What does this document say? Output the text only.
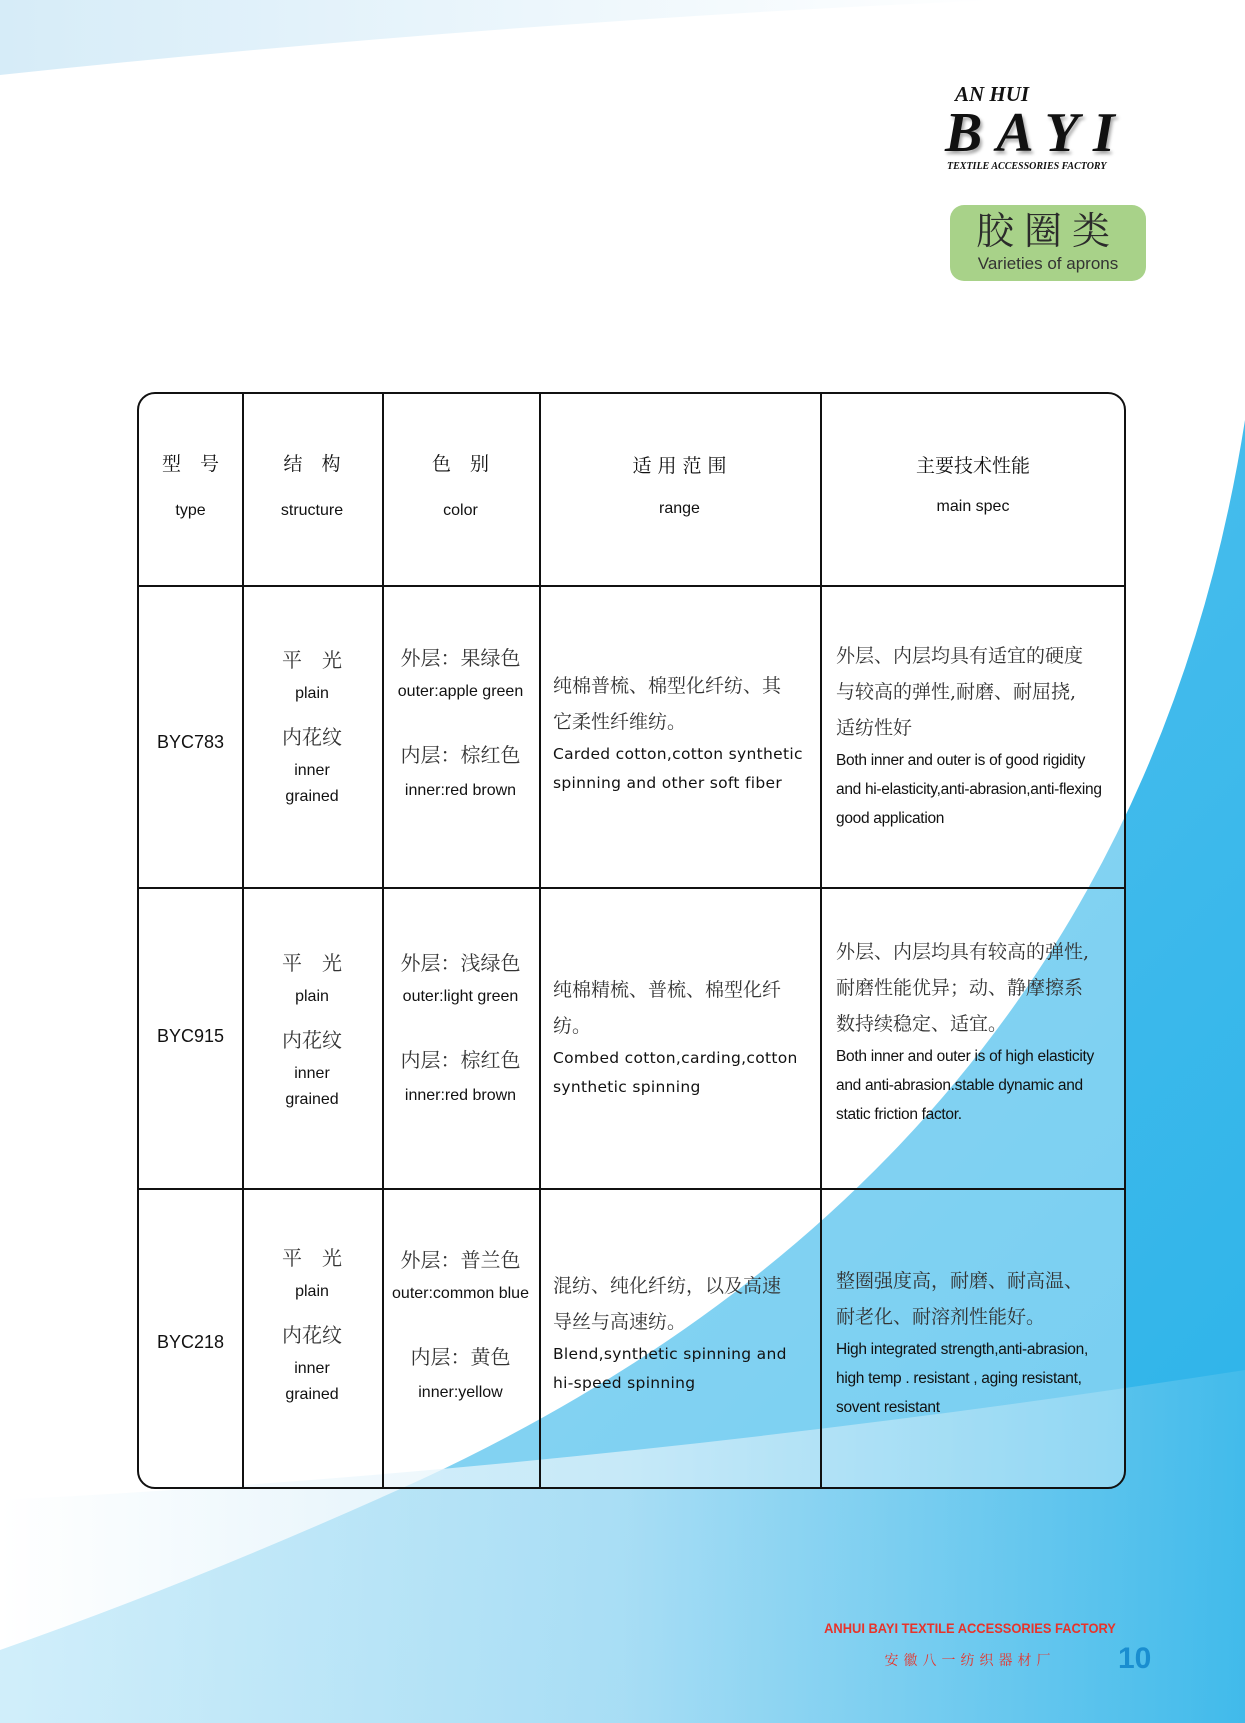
AN HUI
BAYI
TEXTILE ACCESSORIES FACTORY
胶圈类
Varieties of aprons
型　号
type
结　构
structure
色　别
color
适 用 范 围
range
主要技术性能
main spec
BYC783
平　光
plain
内花纹
inner
grained
外层：果绿色
outer:apple green
内层：棕红色
inner:red brown
纯棉普梳、棉型化纤纺、其
它柔性纤维纺。
Carded cotton,cotton synthetic
spinning and other soft fiber
外层、内层均具有适宜的硬度
与较高的弹性,耐磨、耐屈挠,
适纺性好
Both inner and outer is of good rigidity
and hi-elasticity,anti-abrasion,anti-flexing
good application
BYC915
平　光
plain
内花纹
inner
grained
外层：浅绿色
outer:light green
内层：棕红色
inner:red brown
纯棉精梳、普梳、棉型化纤
纺。
Combed cotton,carding,cotton
synthetic spinning
外层、内层均具有较高的弹性,
耐磨性能优异；动、静摩擦系
数持续稳定、适宜。
Both inner and outer is of high elasticity
and anti-abrasion.stable dynamic and
static friction factor.
BYC218
平　光
plain
内花纹
inner
grained
外层：普兰色
outer:common blue
内层：黄色
inner:yellow
混纺、纯化纤纺，以及高速
导丝与高速纺。
Blend,synthetic spinning and
hi-speed spinning
整圈强度高，耐磨、耐高温、
耐老化、耐溶剂性能好。
High integrated strength,anti-abrasion,
high temp . resistant , aging resistant,
sovent resistant
ANHUI BAYI TEXTILE ACCESSORIES FACTORY
安徽八一纺织器材厂	10
